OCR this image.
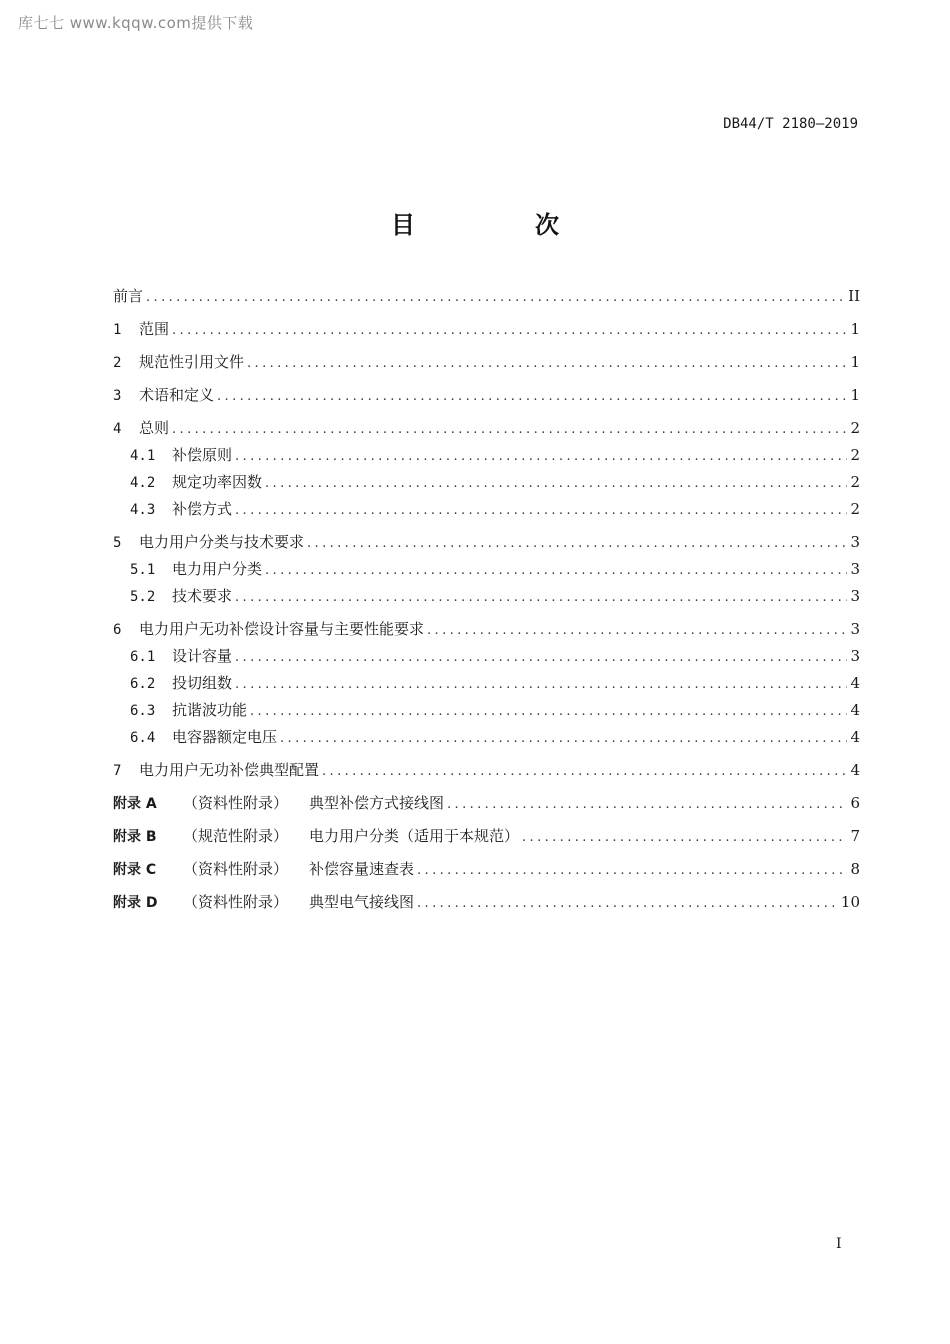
库七七 www.kqqw.com提供下载
DB44/T 2180—2019
目　次
前言 .....	II
1	范围 .....	1
2	规范性引用文件 .....	1
3	术语和定义 .....	1
4	总则 .....	2
4.1	补偿原则 .....	2
4.2	规定功率因数 .....	2
4.3	补偿方式 .....	2
5	电力用户分类与技术要求 .....	3
5.1	电力用户分类 .....	3
5.2	技术要求 .....	3
6	电力用户无功补偿设计容量与主要性能要求 .....	3
6.1	设计容量 .....	3
6.2	投切组数 .....	4
6.3	抗谐波功能 .....	4
6.4	电容器额定电压 .....	4
7	电力用户无功补偿典型配置 .....	4
附录 A	（资料性附录）	典型补偿方式接线图 .....	6
附录 B	（规范性附录）	电力用户分类（适用于本规范） .....	7
附录 C	（资料性附录）	补偿容量速查表 .....	8
附录 D	（资料性附录）	典型电气接线图 .....	10
I
